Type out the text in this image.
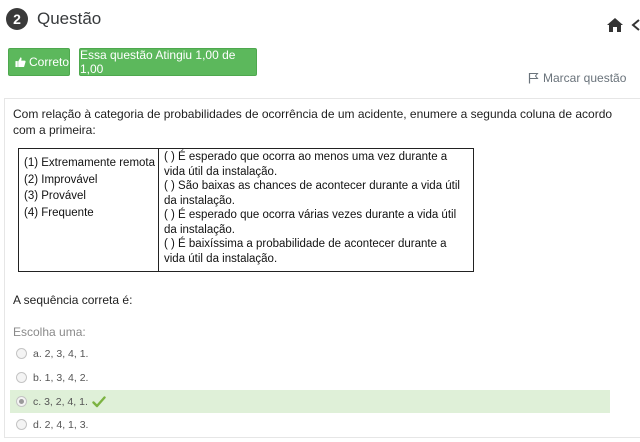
2 Questão
Correto Essa questão Atingiu 1,00 de 1,00
Marcar questão
Com relação à categoria de probabilidades de ocorrência de um acidente, enumere a segunda coluna de acordo com a primeira:
(1) Extremamente remota
(2) Improvável
(3) Provável
(4) Frequente

( ) É esperado que ocorra ao menos uma vez durante a vida útil da instalação.
( ) São baixas as chances de acontecer durante a vida útil da instalação.
( ) É esperado que ocorra várias vezes durante a vida útil da instalação.
( ) É baixíssima a probabilidade de acontecer durante a vida útil da instalação.
A sequência correta é:
Escolha uma:
a. 2, 3, 4, 1.
b. 1, 3, 4, 2.
c. 3, 2, 4, 1.
d. 2, 4, 1, 3.
